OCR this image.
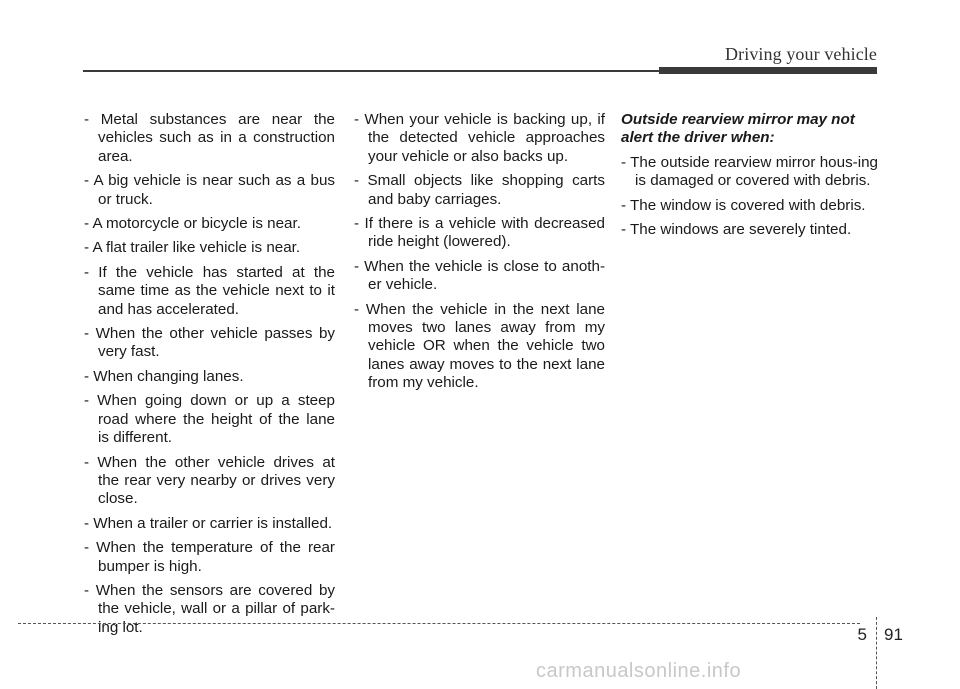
Driving your vehicle

- Metal substances are near the vehicles such as in a construction area.

- A big vehicle is near such as a bus or truck.

- A motorcycle or bicycle is near.

- A flat trailer like vehicle is near.

- If the vehicle has started at the same time as the vehicle next to it and has accelerated.

- When the other vehicle passes by very fast.

- When changing lanes.

- When going down or up a steep road where the height of the lane is different.

- When the other vehicle drives at the rear very nearby or drives very close.

- When a trailer or carrier is installed.

- When the temperature of the rear bumper is high.

- When the sensors are covered by the vehicle, wall or a pillar of park-ing lot.

- When your vehicle is backing up, if the detected vehicle approaches your vehicle or also backs up.

- Small objects like shopping carts and baby carriages.

- If there is a vehicle with decreased ride height (lowered).

- When the vehicle is close to anoth-er vehicle.

- When the vehicle in the next lane moves two lanes away from my vehicle OR when the vehicle two lanes away moves to the next lane from my vehicle.

Outside rearview mirror may not alert the driver when:

- The outside rearview mirror hous-ing is damaged or covered with debris.

- The window is covered with debris.

- The windows are severely tinted.

5 91
carmanualsonline.info
